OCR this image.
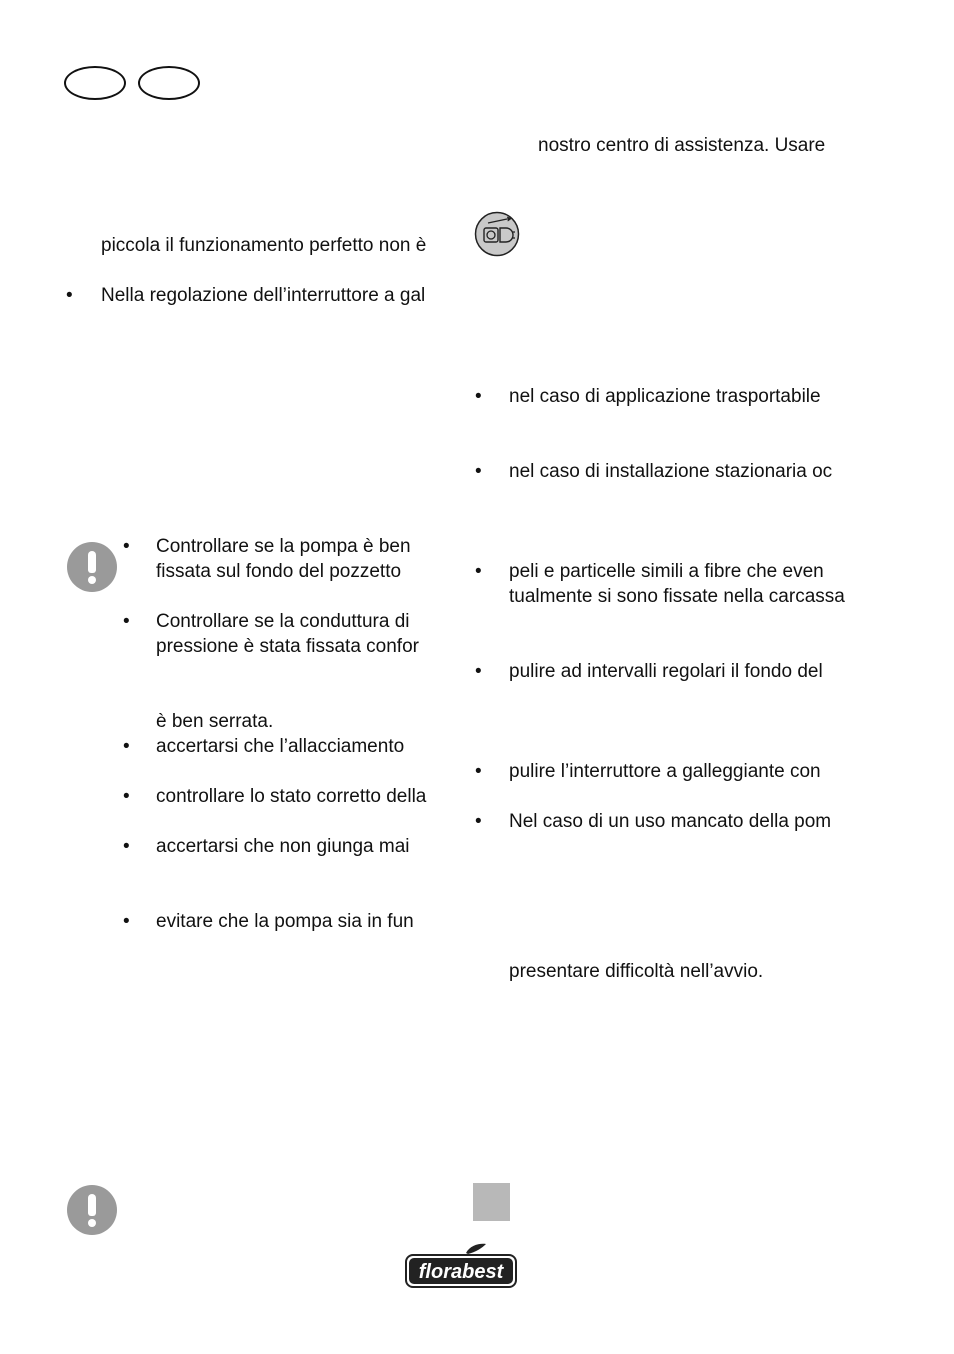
piccola il funzionamento perfetto non è
• Nella regolazione dell’interruttore a gal
• Controllare se la pompa è ben
fissata sul fondo del pozzetto
• Controllare se la conduttura di
pressione è stata fissata confor
è ben serrata.
• accertarsi che l’allacciamento
• controllare lo stato corretto della
• accertarsi che non giunga mai
• evitare che la pompa sia in fun
nostro centro di assistenza. Usare
• nel caso di applicazione trasportabile
• nel caso di installazione stazionaria oc
• peli e particelle simili a fibre che even
tualmente si sono fissate nella carcassa
• pulire ad intervalli regolari il fondo del
• pulire l’interruttore a galleggiante con
• Nel caso di un uso mancato della pom
presentare difficoltà nell’avvio.
florabest
